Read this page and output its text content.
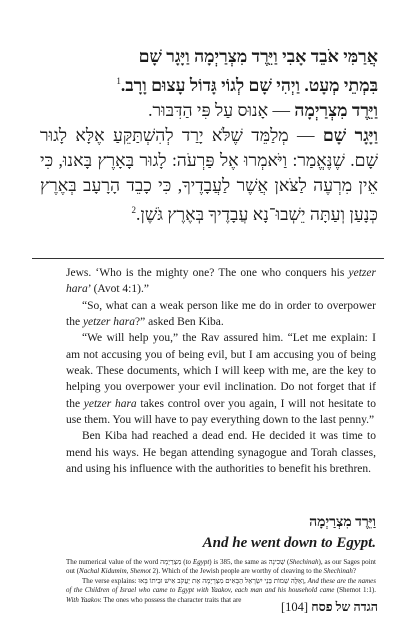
אֲרַמִּי אֹבֵד אָבִי וַיֵּרֶד מִצְרַיְמָה וַיָּגָר שָׁם
בִּמְתֵי מְעָט. וַיְהִי שָׁם לְגוֹי גָּדוֹל עָצוּם וָרָב.$^1$
וַיֵּרֶד מִצְרַיְמָה — אָנוּס עַל פִּי הַדִּבּוּר.
וַיָּגָר שָׁם — מְלַמֵּד שֶׁלֹּא יָרַד לְהִשְׁתַּקֵּעַ אֶלָּא לָגוּר שָׁם. שֶׁנֶּאֱמַר: וַיֹּאמְרוּ אֶל פַּרְעֹה: לָגוּר בָּאָרֶץ בָּאנוּ, כִּי אֵין מִרְעֶה לַצֹּאן אֲשֶׁר לַעֲבָדֶיךָ, כִּי כָבֵד הָרָעָב בְּאֶרֶץ כְּנָעַן וְעַתָּה יֵשְׁבוּ־נָא עֲבָדֶיךָ בְּאֶרֶץ גֹּשֶׁן.$^2$

Jews. ‘Who is the mighty one? The one who conquers his yetzer hara’ (Avot 4:1).”

“So, what can a weak person like me do in order to overpower the yetzer hara?” asked Ben Kiba.

“We will help you,” the Rav assured him. “Let me explain: I am not accusing you of being evil, but I am accusing you of being weak. These documents, which I will keep with me, are the key to helping you overpower your evil inclination. Do not forget that if the yetzer hara takes control over you again, I will not hesitate to use them. You will have to pay everything down to the last penny.”

Ben Kiba had reached a dead end. He decided it was time to mend his ways. He began attending synagogue and Torah classes, and using his influence with the authorities to benefit his brethren.

וַיֵּרֶד מִצְרַיְמָה
And he went down to Egypt.

The numerical value of the word מִצְרַיְמָה (to Egypt) is 385, the same as שְׁכִינָה (Shechinah), as our Sages point out (Nachal Kidumim, Shemot 2). Which of the Jewish people are worthy of cleaving to the Shechinah?

The verse explains: וְאֵלֶּה שְׁמוֹת בְּנֵי יִשְׂרָאֵל הַבָּאִים מִצְרָיְמָה אֵת יַעֲקֹב אִישׁ וּבֵיתוֹ בָּאוּ, And these are the names of the Children of Israel who came to Egypt with Yaakov, each man and his household came (Shemot 1:1). With Yaakov. The ones who possess the character traits that are

הגדה של פסח [104]
